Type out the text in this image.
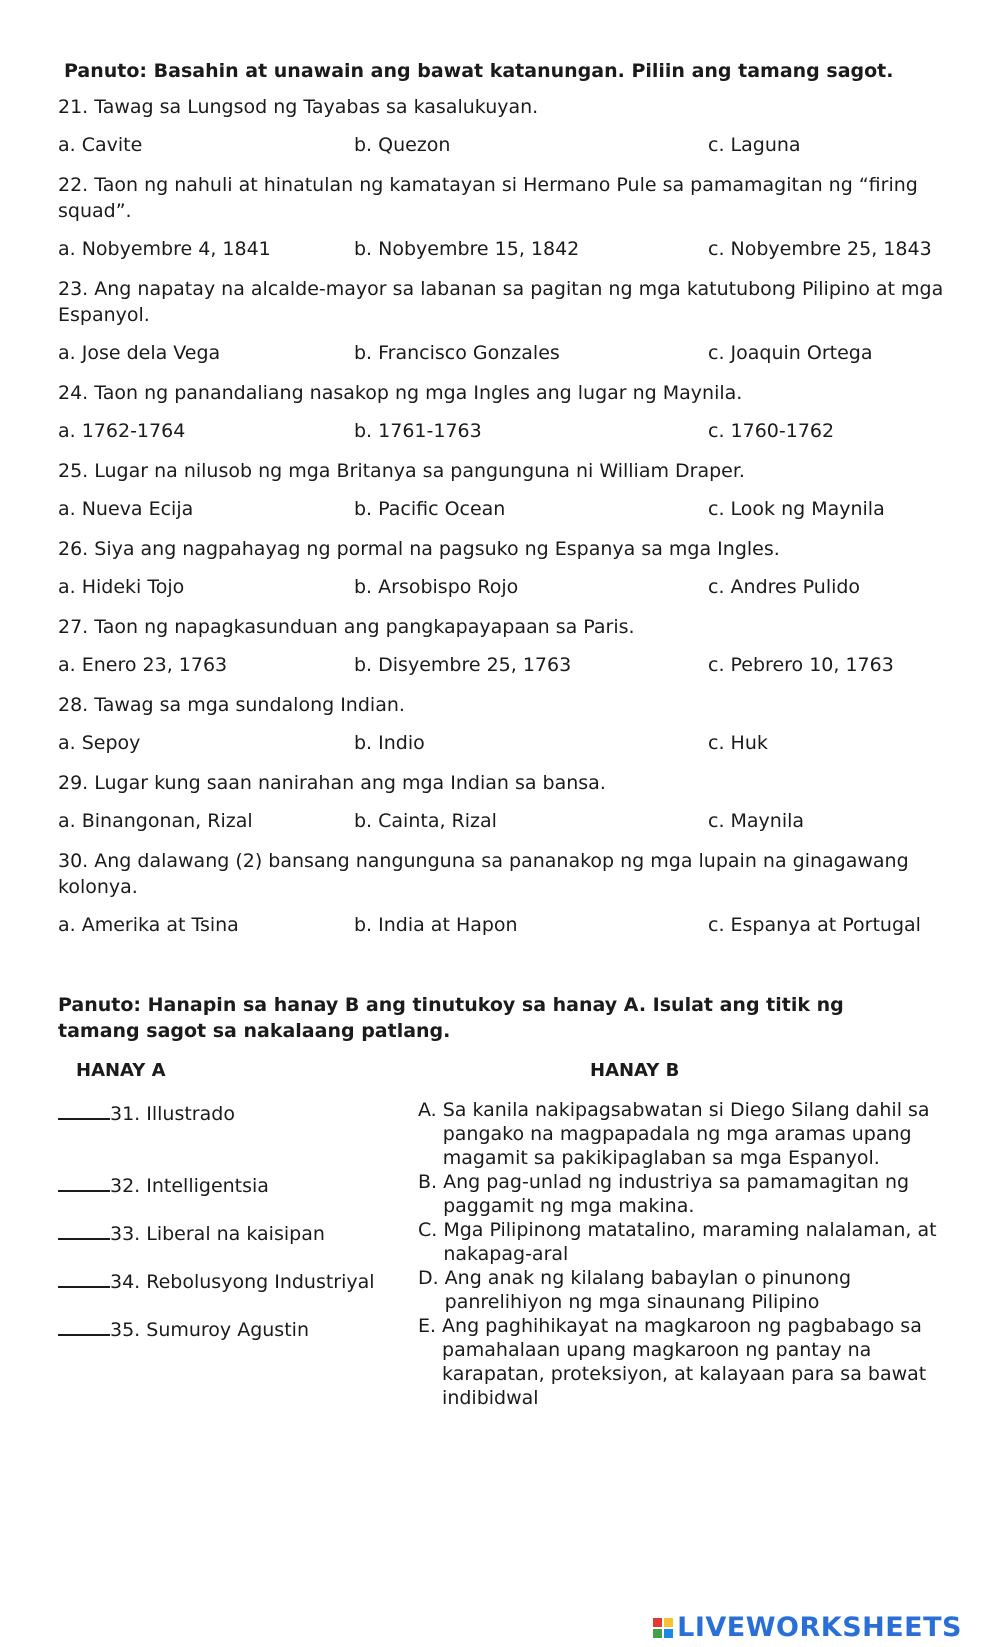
Panuto: Basahin at unawain ang bawat katanungan. Piliin ang tamang sagot.
21. Tawag sa Lungsod ng Tayabas sa kasalukuyan.
a. Cavite	b. Quezon	c. Laguna
22. Taon ng nahuli at hinatulan ng kamatayan si Hermano Pule sa pamamagitan ng “firing squad”.
a. Nobyembre 4, 1841	b. Nobyembre 15, 1842	c. Nobyembre 25, 1843
23. Ang napatay na alcalde-mayor sa labanan sa pagitan ng mga katutubong Pilipino at mga Espanyol.
a. Jose dela Vega	b. Francisco Gonzales	c. Joaquin Ortega
24. Taon ng panandaliang nasakop ng mga Ingles ang lugar ng Maynila.
a. 1762-1764	b. 1761-1763	c. 1760-1762
25. Lugar na nilusob ng mga Britanya sa pangunguna ni William Draper.
a. Nueva Ecija	b. Pacific Ocean	c. Look ng Maynila
26. Siya ang nagpahayag ng pormal na pagsuko ng Espanya sa mga Ingles.
a. Hideki Tojo	b. Arsobispo Rojo	c. Andres Pulido
27. Taon ng napagkasunduan ang pangkapayapaan sa Paris.
a. Enero 23, 1763	b. Disyembre 25, 1763	c. Pebrero 10, 1763
28. Tawag sa mga sundalong Indian.
a. Sepoy	b. Indio	c. Huk
29. Lugar kung saan nanirahan ang mga Indian sa bansa.
a. Binangonan, Rizal	b. Cainta, Rizal	c. Maynila
30. Ang dalawang (2) bansang nangunguna sa pananakop ng mga lupain na ginagawang kolonya.
a. Amerika at Tsina	b. India at Hapon	c. Espanya at Portugal
Panuto: Hanapin sa hanay B ang tinutukoy sa hanay A. Isulat ang titik ng tamang sagot sa nakalaang patlang.
HANAY A	HANAY B
31. Illustrado	A. Sa kanila nakipagsabwatan si Diego Silang dahil sa pangako na magpapadala ng mga aramas upang magamit sa pakikipaglaban sa mga Espanyol.
32. Intelligentsia	B. Ang pag-unlad ng industriya sa pamamagitan ng paggamit ng mga makina.
33. Liberal na kaisipan	C. Mga Pilipinong matatalino, maraming nalalaman, at nakapag-aral
34. Rebolusyong Industriyal D. Ang anak ng kilalang babaylan o pinunong panrelihiyon ng mga sinaunang Pilipino
35. Sumuroy Agustin	E. Ang paghihikayat na magkaroon ng pagbabago sa pamahalaan upang magkaroon ng pantay na karapatan, proteksiyon, at kalayaan para sa bawat indibidwal
LIVEWORKSHEETS
